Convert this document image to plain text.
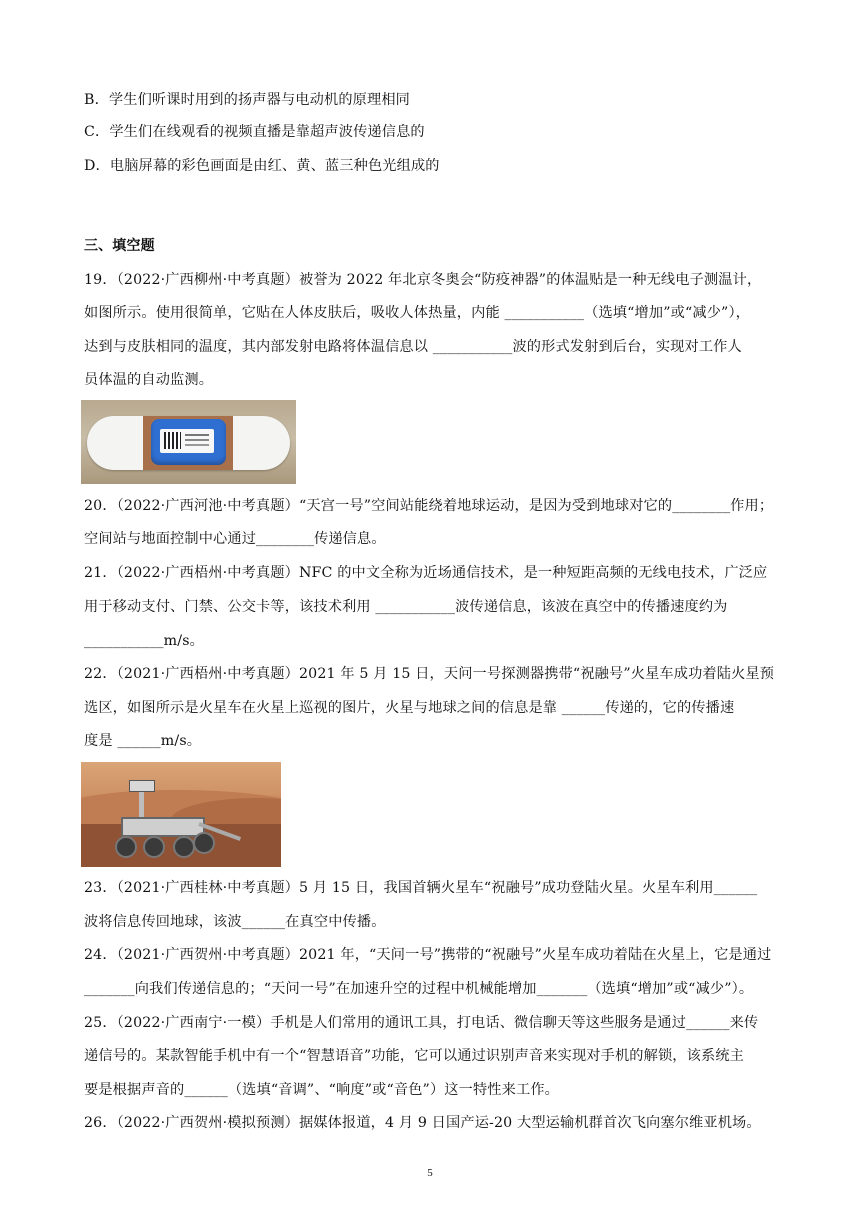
B．学生们听课时用到的扬声器与电动机的原理相同
C．学生们在线观看的视频直播是靠超声波传递信息的
D．电脑屏幕的彩色画面是由红、黄、蓝三种色光组成的
三、填空题
19．（2022·广西柳州·中考真题）被誉为 2022 年北京冬奥会“防疫神器”的体温贴是一种无线电子测温计，
如图所示。使用很简单，它贴在人体皮肤后，吸收人体热量，内能 ___________（选填“增加”或“减少”），
达到与皮肤相同的温度，其内部发射电路将体温信息以 ___________波的形式发射到后台，实现对工作人
员体温的自动监测。
20．（2022·广西河池·中考真题）“天宫一号”空间站能绕着地球运动，是因为受到地球对它的________作用；
空间站与地面控制中心通过________传递信息。
21．（2022·广西梧州·中考真题）NFC 的中文全称为近场通信技术，是一种短距高频的无线电技术，广泛应
用于移动支付、门禁、公交卡等，该技术利用 ___________波传递信息，该波在真空中的传播速度约为
___________m/s。
22．（2021·广西梧州·中考真题）2021 年 5 月 15 日，天问一号探测器携带“祝融号”火星车成功着陆火星预
选区，如图所示是火星车在火星上巡视的图片，火星与地球之间的信息是靠 ______传递的，它的传播速
度是 ______m/s。
23．（2021·广西桂林·中考真题）5 月 15 日，我国首辆火星车“祝融号”成功登陆火星。火星车利用______
波将信息传回地球，该波______在真空中传播。
24．（2021·广西贺州·中考真题）2021 年，“天问一号”携带的“祝融号”火星车成功着陆在火星上，它是通过
_______向我们传递信息的；“天问一号”在加速升空的过程中机械能增加_______（选填“增加”或“减少”）。
25．（2022·广西南宁·一模）手机是人们常用的通讯工具，打电话、微信聊天等这些服务是通过______来传
递信号的。某款智能手机中有一个“智慧语音”功能，它可以通过识别声音来实现对手机的解锁，该系统主
要是根据声音的______（选填“音调”、“响度”或“音色”）这一特性来工作。
26．（2022·广西贺州·模拟预测）据媒体报道，4 月 9 日国产运-20 大型运输机群首次飞向塞尔维亚机场。
5
